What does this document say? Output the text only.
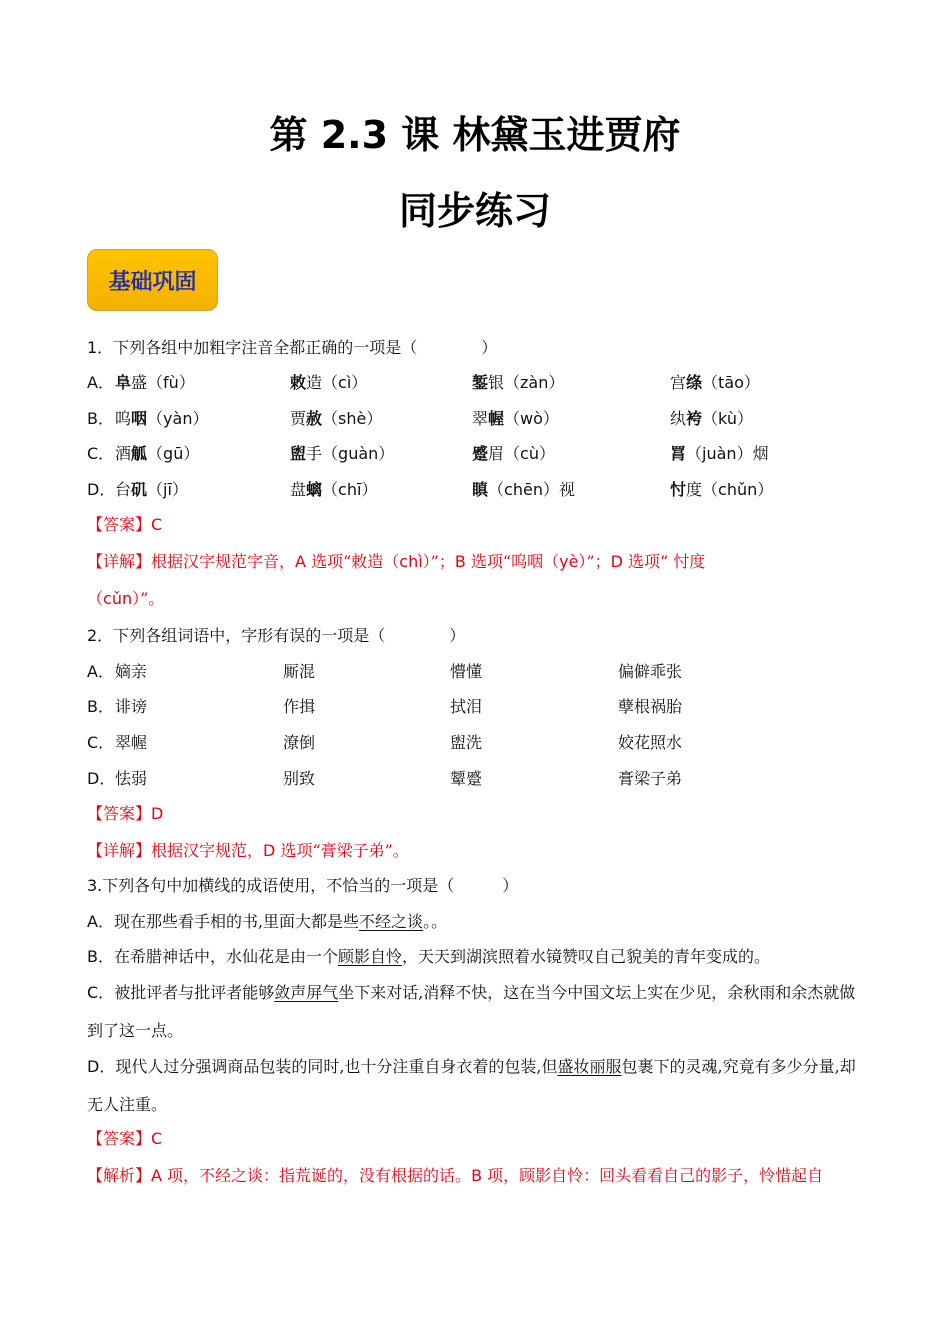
第 2.3 课 林黛玉进贾府
同步练习
基础巩固
1．下列各组中加粗字注音全都正确的一项是（　　　　）
A． 阜盛（fù）	敕造（cì）	錾银（zàn）	宫绦（tāo）
B． 呜咽（yàn）	贾赦（shè）	翠幄（wò）	纨袴（kù）
C． 酒觚（gū）	盥手（guàn）	蹙眉（cù）	罥（juàn）烟
D． 台矶（jī）	盘螭（chī）	瞋（chēn）视	忖度（chǔn）
【答案】C
【详解】根据汉字规范字音，A 选项“敕造（chì）”；B 选项“呜咽（yè）”；D 选项“ 忖度
（cǔn）”。
2．下列各组词语中，字形有误的一项是（　　　　）
A． 嫡亲	厮混	懵懂	偏僻乖张
B． 诽谤	作揖	拭泪	孽根祸胎
C． 翠幄	潦倒	盥洗	姣花照水
D． 怯弱	别致	颦蹙	膏梁子弟
【答案】D
【详解】根据汉字规范，D 选项“膏梁子弟”。
3.下列各句中加横线的成语使用，不恰当的一项是（　　　）
A．现在那些看手相的书,里面大都是些不经之谈。。
B．在希腊神话中，水仙花是由一个顾影自怜，天天到湖滨照着水镜赞叹自己貌美的青年变成的。
C．被批评者与批评者能够敛声屏气坐下来对话,消释不快，这在当今中国文坛上实在少见，余秋雨和余杰就做到了这一点。
D．现代人过分强调商品包装的同时,也十分注重自身衣着的包装,但盛妆丽服包裹下的灵魂,究竟有多少分量,却无人注重。
【答案】C
【解析】A 项，不经之谈：指荒诞的，没有根据的话。B 项，顾影自怜：回头看看自己的影子，怜惜起自
